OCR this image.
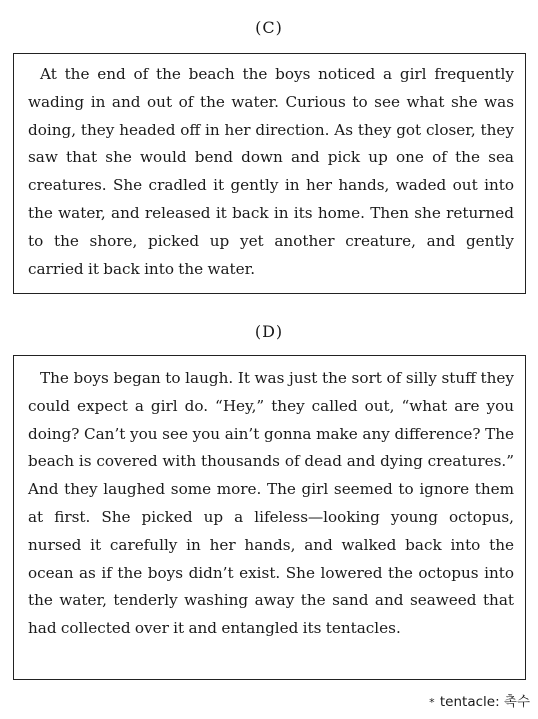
(C)

At the end of the beach the boys noticed a girl frequently wading in and out of the water. Curious to see what she was doing, they headed off in her direction. As they got closer, they saw that she would bend down and pick up one of the sea creatures. She cradled it gently in her hands, waded out into the water, and released it back in its home. Then she returned to the shore, picked up yet another creature, and gently carried it back into the water.

(D)

The boys began to laugh. It was just the sort of silly stuff they could expect a girl do. “Hey,” they called out, “what are you doing? Can’t you see you ain’t gonna make any difference? The beach is covered with thousands of dead and dying creatures.” And they laughed some more. The girl seemed to ignore them at first. She picked up a lifeless—looking young octopus, nursed it carefully in her hands, and walked back into the ocean as if the boys didn’t exist. She lowered the octopus into the water, tenderly washing away the sand and seaweed that had collected over it and entangled its tentacles.

* tentacle: 촉수
